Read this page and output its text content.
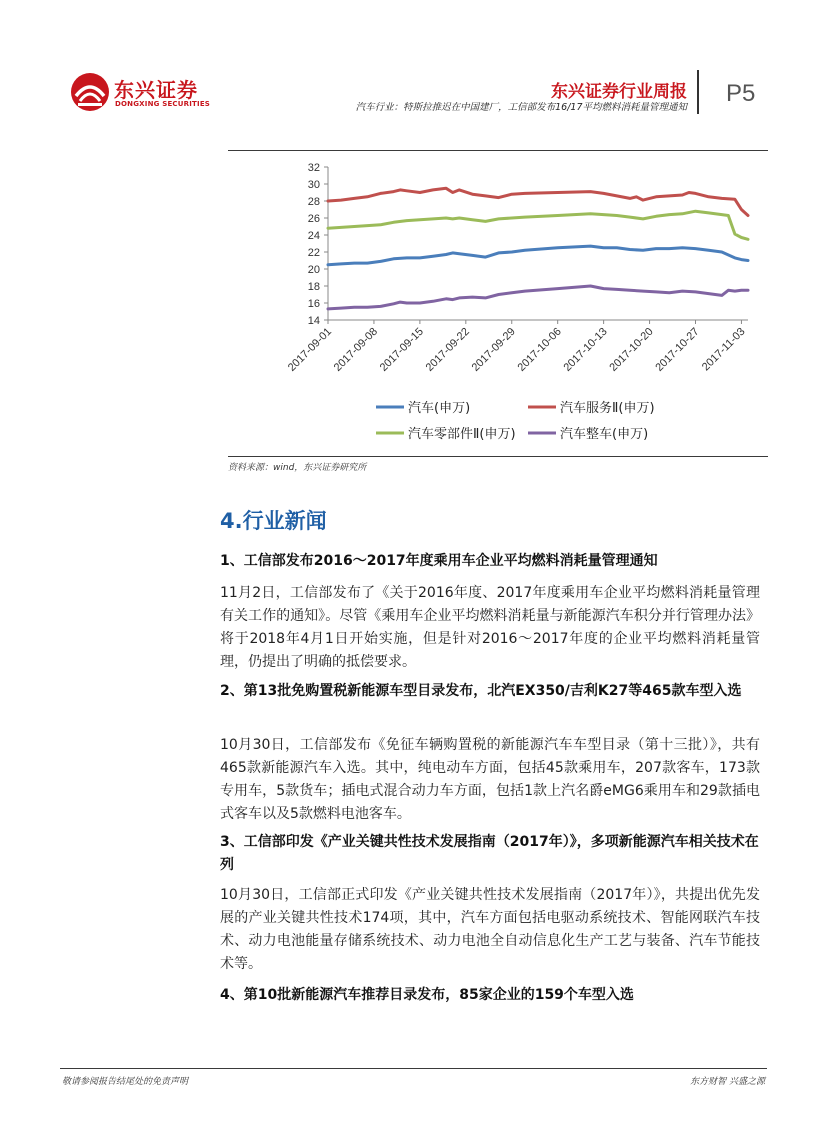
东兴证券
DONGXING SECURITIES
东兴证券行业周报
汽车行业：特斯拉推迟在中国建厂，工信部发布16/17平均燃料消耗量管理通知
P5
32
30
28
26
24
22
20
18
16
14
2017-09-01
2017-09-08
2017-09-15
2017-09-22
2017-09-29
2017-10-06
2017-10-13
2017-10-20
2017-10-27
2017-11-03
汽车(申万)	汽车服务Ⅱ(申万)
汽车零部件Ⅱ(申万)	汽车整车(申万)
资料来源：wind，东兴证券研究所
4.行业新闻
1、工信部发布2016～2017年度乘用车企业平均燃料消耗量管理通知
11月2日，工信部发布了《关于2016年度、2017年度乘用车企业平均燃料消耗量管理有关工作的通知》。尽管《乘用车企业平均燃料消耗量与新能源汽车积分并行管理办法》将于2018年4月1日开始实施，但是针对2016～2017年度的企业平均燃料消耗量管理，仍提出了明确的抵偿要求。
2、第13批免购置税新能源车型目录发布，北汽EX350/吉利K27等465款车型入选
10月30日，工信部发布《免征车辆购置税的新能源汽车车型目录（第十三批）》，共有465款新能源汽车入选。其中，纯电动车方面，包括45款乘用车，207款客车，173款专用车，5款货车；插电式混合动力车方面，包括1款上汽名爵eMG6乘用车和29款插电式客车以及5款燃料电池客车。
3、工信部印发《产业关键共性技术发展指南（2017年）》，多项新能源汽车相关技术在列
10月30日，工信部正式印发《产业关键共性技术发展指南（2017年）》，共提出优先发展的产业关键共性技术174项，其中，汽车方面包括电驱动系统技术、智能网联汽车技术、动力电池能量存储系统技术、动力电池全自动信息化生产工艺与装备、汽车节能技术等。
4、第10批新能源汽车推荐目录发布，85家企业的159个车型入选
敬请参阅报告结尾处的免责声明	东方财智 兴盛之源
